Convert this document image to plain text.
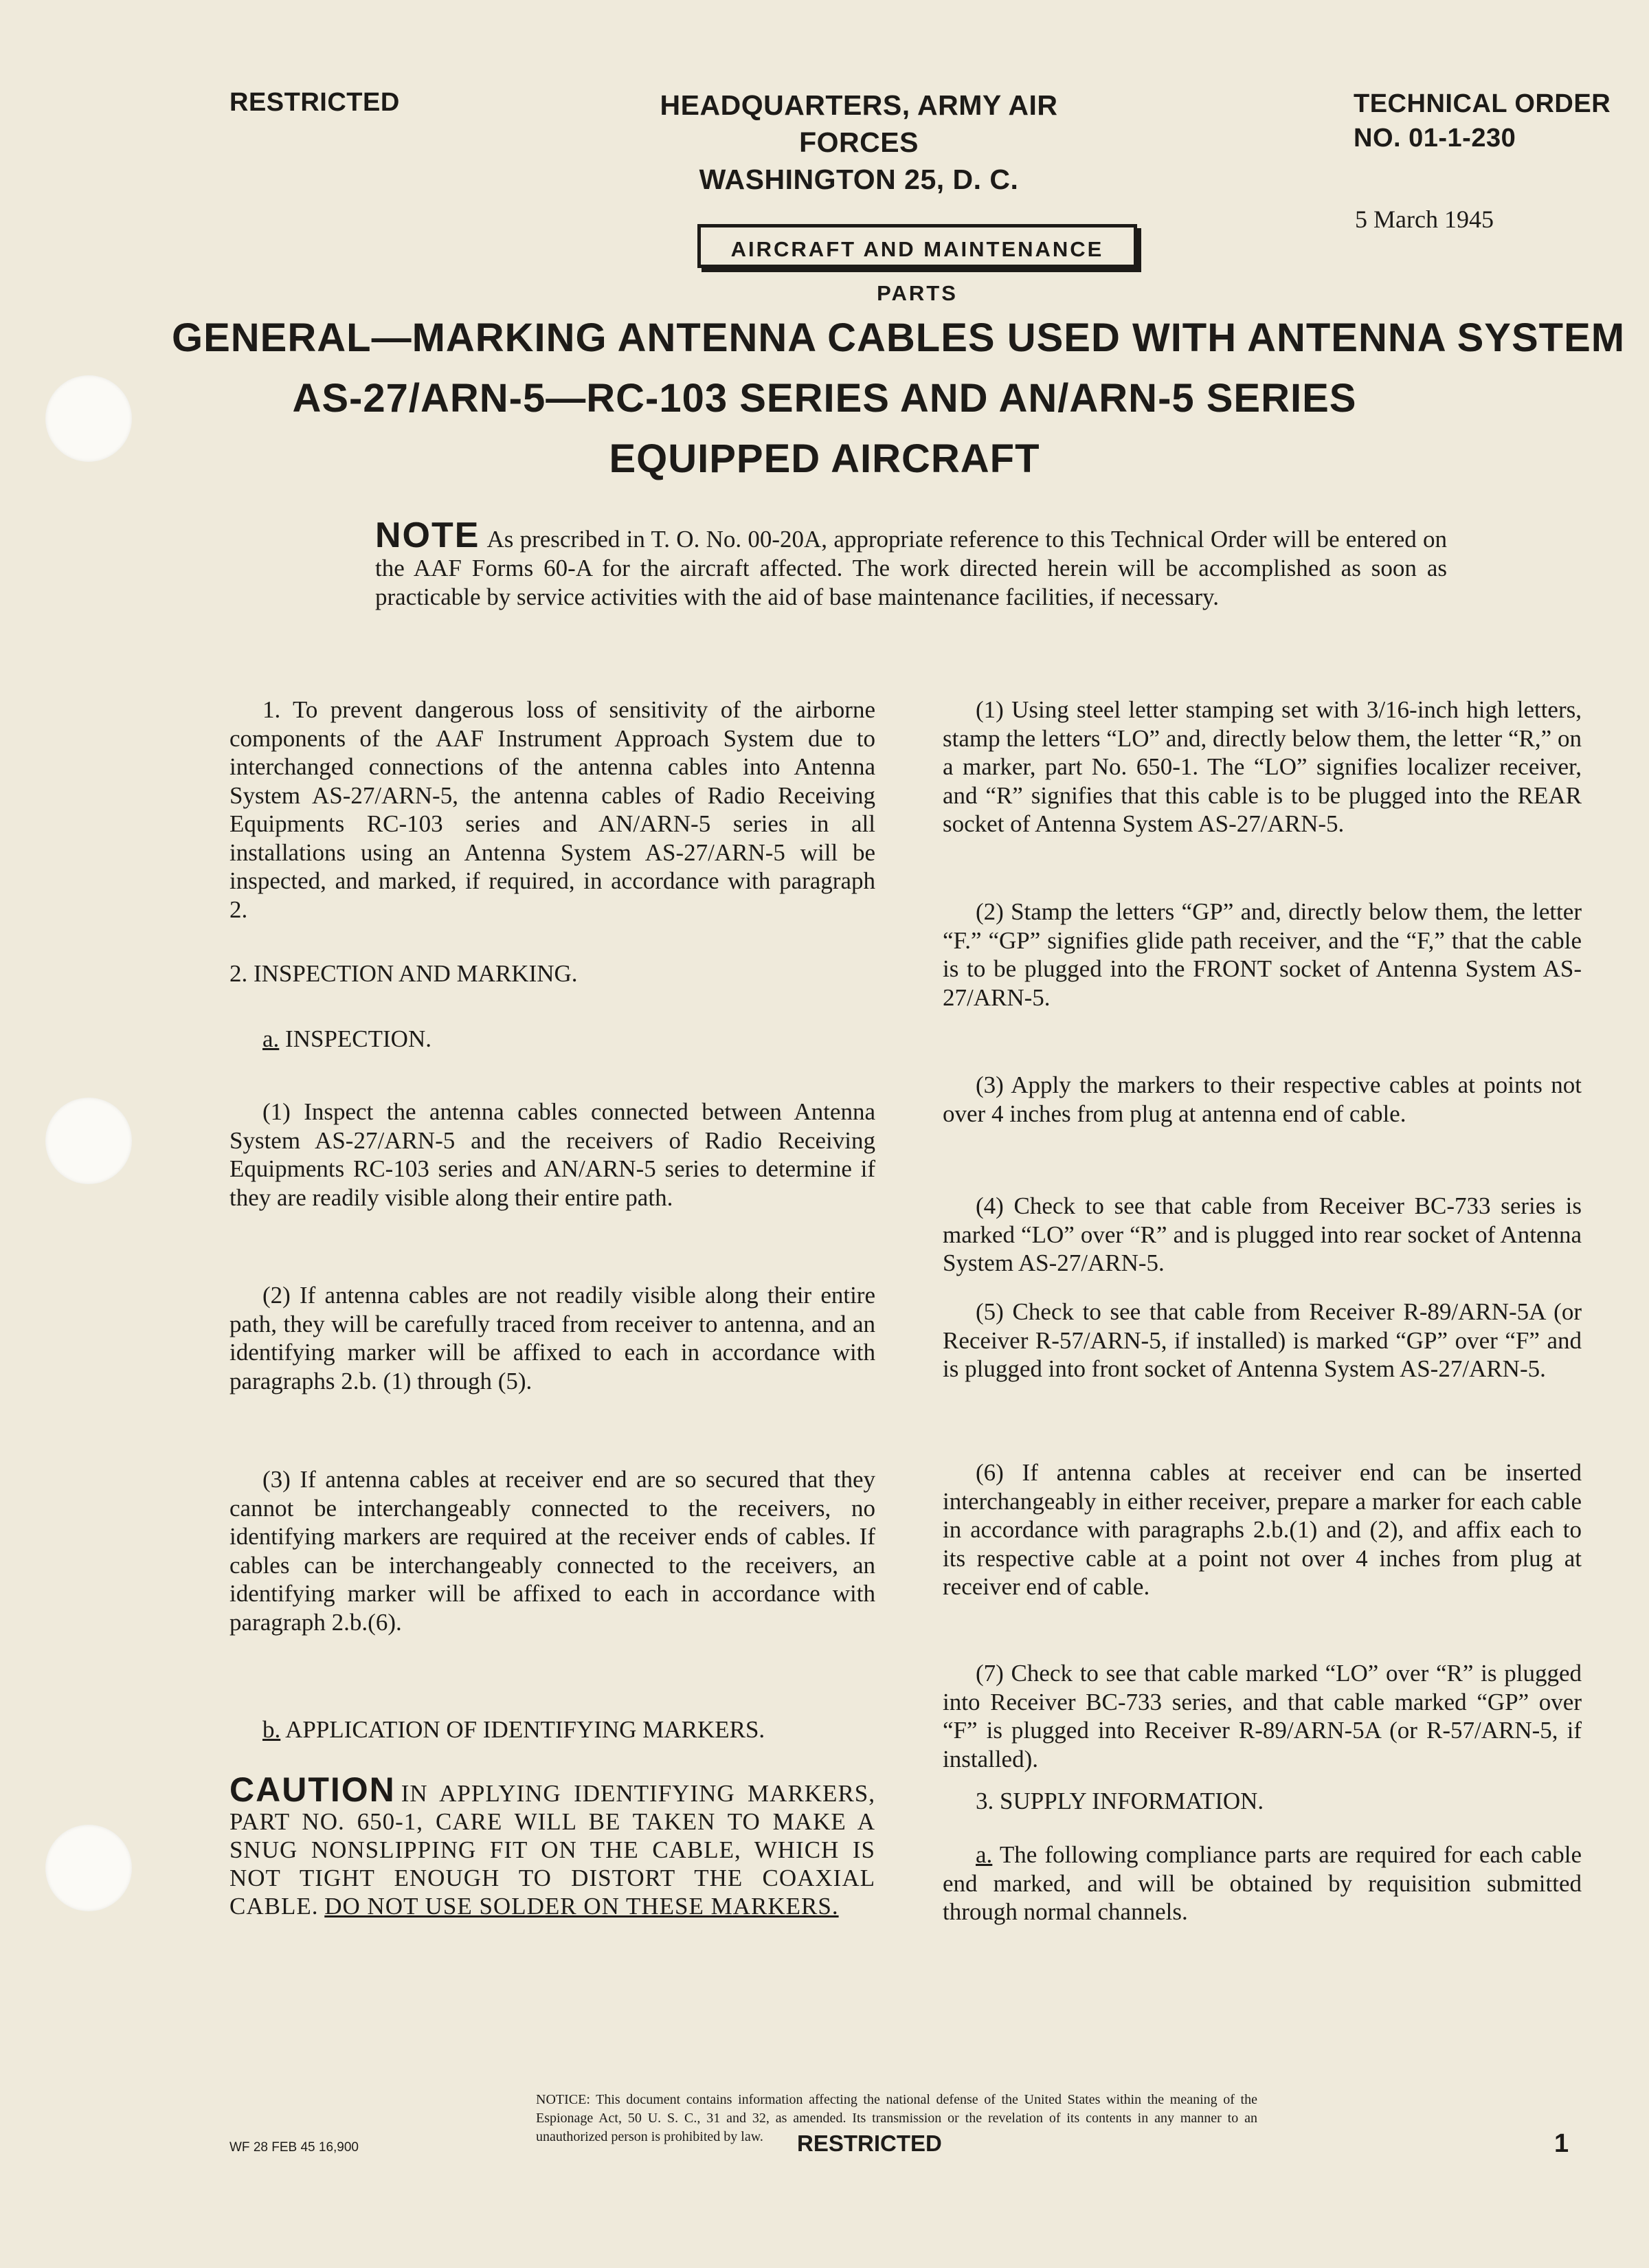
RESTRICTED	HEADQUARTERS, ARMY AIR FORCES
WASHINGTON 25, D. C.
TECHNICAL ORDER
NO. 01-1-230
5 March 1945
AIRCRAFT AND MAINTENANCE PARTS
GENERAL—MARKING ANTENNA CABLES USED WITH ANTENNA SYSTEM
AS-27/ARN-5—RC-103 SERIES AND AN/ARN-5 SERIES
EQUIPPED AIRCRAFT
NOTE As prescribed in T. O. No. 00-20A, appropriate reference to this Technical Order will be entered on the AAF Forms 60-A for the aircraft affected. The work directed herein will be accomplished as soon as practicable by service activities with the aid of base maintenance facilities, if necessary.

1. To prevent dangerous loss of sensitivity of the airborne components of the AAF Instrument Approach System due to interchanged connections of the antenna cables into Antenna System AS-27/ARN-5, the antenna cables of Radio Receiving Equipments RC-103 series and AN/ARN-5 series in all installations using an Antenna System AS-27/ARN-5 will be inspected, and marked, if required, in accordance with paragraph 2.

2. INSPECTION AND MARKING.

a. INSPECTION.

(1) Inspect the antenna cables connected between Antenna System AS-27/ARN-5 and the receivers of Radio Receiving Equipments RC-103 series and AN/ARN-5 series to determine if they are readily visible along their entire path.

(2) If antenna cables are not readily visible along their entire path, they will be carefully traced from receiver to antenna, and an identifying marker will be affixed to each in accordance with paragraphs 2.b. (1) through (5).

(3) If antenna cables at receiver end are so secured that they cannot be interchangeably connected to the receivers, no identifying markers are required at the receiver ends of cables. If cables can be interchangeably connected to the receivers, an identifying marker will be affixed to each in accordance with paragraph 2.b.(6).

b. APPLICATION OF IDENTIFYING MARKERS.

CAUTION IN APPLYING IDENTIFYING MARKERS, PART NO. 650-1, CARE WILL BE TAKEN TO MAKE A SNUG NONSLIPPING FIT ON THE CABLE, WHICH IS NOT TIGHT ENOUGH TO DISTORT THE COAXIAL CABLE. DO NOT USE SOLDER ON THESE MARKERS.

(1) Using steel letter stamping set with 3/16-inch high letters, stamp the letters “LO” and, directly below them, the letter “R,” on a marker, part No. 650-1. The “LO” signifies localizer receiver, and “R” signifies that this cable is to be plugged into the REAR socket of Antenna System AS-27/ARN-5.

(2) Stamp the letters “GP” and, directly below them, the letter “F.” “GP” signifies glide path receiver, and the “F,” that the cable is to be plugged into the FRONT socket of Antenna System AS-27/ARN-5.

(3) Apply the markers to their respective cables at points not over 4 inches from plug at antenna end of cable.

(4) Check to see that cable from Receiver BC-733 series is marked “LO” over “R” and is plugged into rear socket of Antenna System AS-27/ARN-5.

(5) Check to see that cable from Receiver R-89/ARN-5A (or Receiver R-57/ARN-5, if installed) is marked “GP” over “F” and is plugged into front socket of Antenna System AS-27/ARN-5.

(6) If antenna cables at receiver end can be inserted interchangeably in either receiver, prepare a marker for each cable in accordance with paragraphs 2.b.(1) and (2), and affix each to its respective cable at a point not over 4 inches from plug at receiver end of cable.

(7) Check to see that cable marked “LO” over “R” is plugged into Receiver BC-733 series, and that cable marked “GP” over “F” is plugged into Receiver R-89/ARN-5A (or R-57/ARN-5, if installed).

3. SUPPLY INFORMATION.

a. The following compliance parts are required for each cable end marked, and will be obtained by requisition submitted through normal channels.

NOTICE: This document contains information affecting the national defense of the United States within the meaning of the Espionage Act, 50 U. S. C., 31 and 32, as amended. Its transmission or the revelation of its contents in any manner to an unauthorized person is prohibited by law.
WF 28 FEB 45 16,900	RESTRICTED	1
